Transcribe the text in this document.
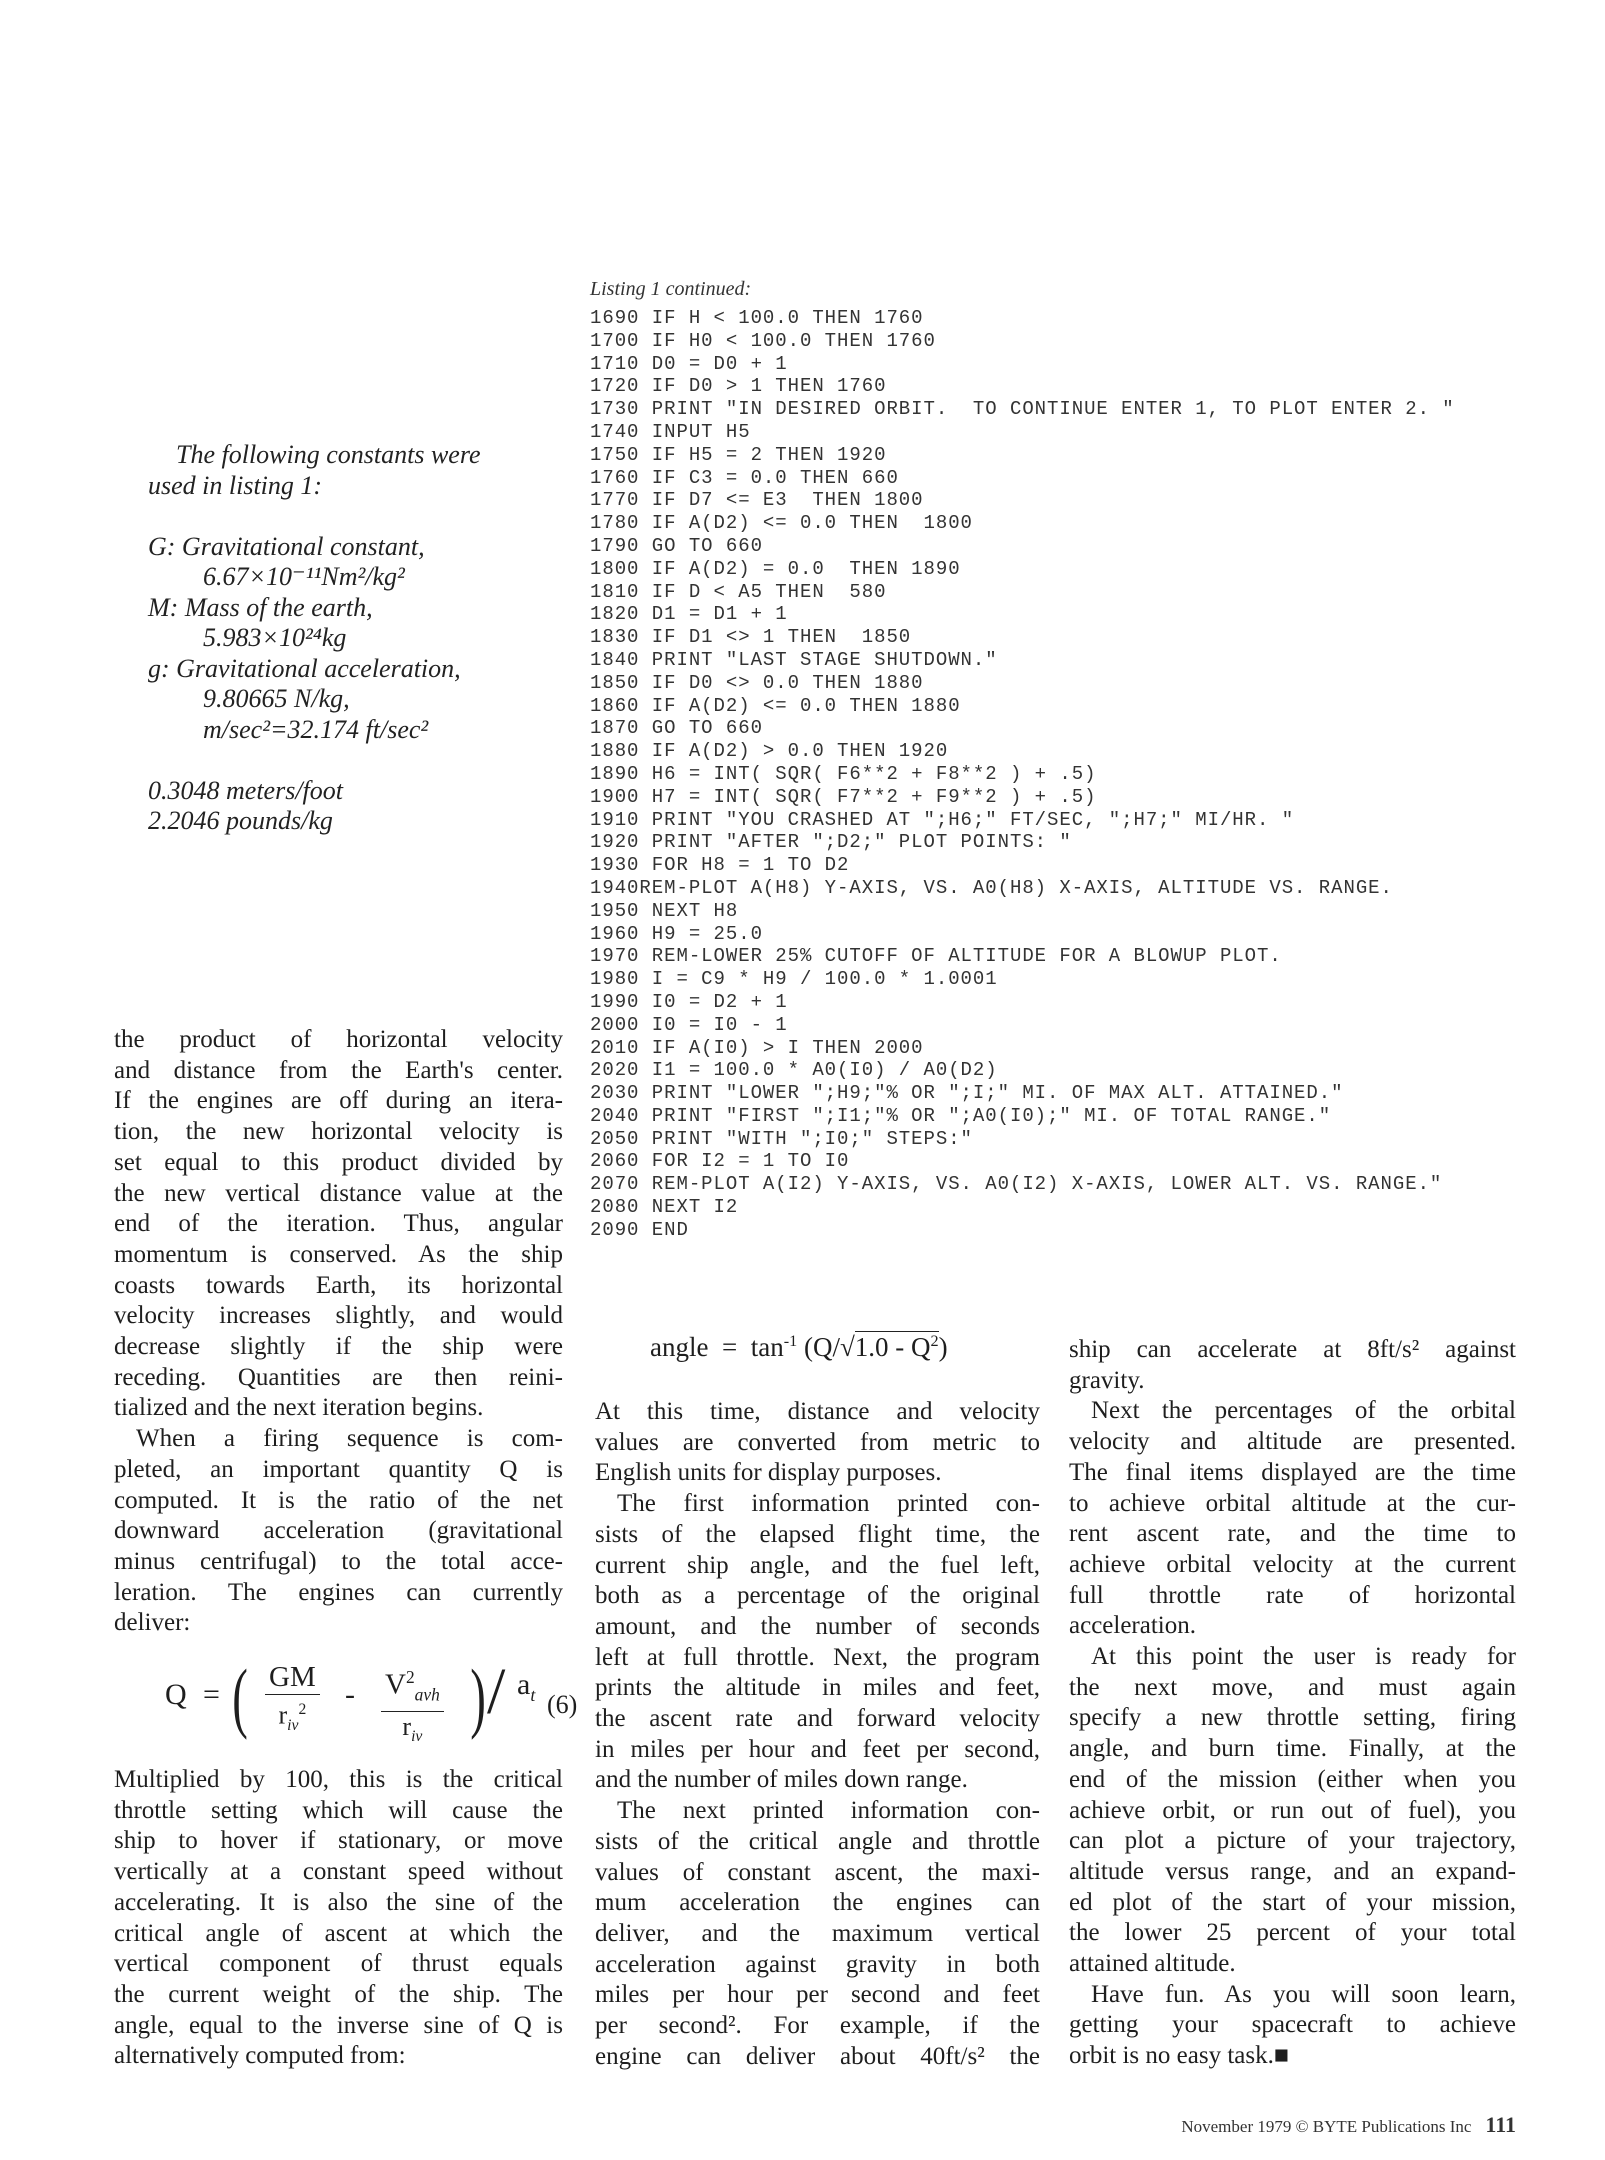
Listing 1 continued:
1690 IF H < 100.0 THEN 1760
1700 IF H0 < 100.0 THEN 1760
1710 D0 = D0 + 1
1720 IF D0 > 1 THEN 1760
1730 PRINT "IN DESIRED ORBIT.  TO CONTINUE ENTER 1, TO PLOT ENTER 2. "
1740 INPUT H5
1750 IF H5 = 2 THEN 1920
1760 IF C3 = 0.0 THEN 660
1770 IF D7 <= E3  THEN 1800
1780 IF A(D2) <= 0.0 THEN  1800
1790 GO TO 660
1800 IF A(D2) = 0.0  THEN 1890
1810 IF D < A5 THEN  580
1820 D1 = D1 + 1
1830 IF D1 <> 1 THEN  1850
1840 PRINT "LAST STAGE SHUTDOWN."
1850 IF D0 <> 0.0 THEN 1880
1860 IF A(D2) <= 0.0 THEN 1880
1870 GO TO 660
1880 IF A(D2) > 0.0 THEN 1920
1890 H6 = INT( SQR( F6**2 + F8**2 ) + .5)
1900 H7 = INT( SQR( F7**2 + F9**2 ) + .5)
1910 PRINT "YOU CRASHED AT ";H6;" FT/SEC, ";H7;" MI/HR. "
1920 PRINT "AFTER ";D2;" PLOT POINTS: "
1930 FOR H8 = 1 TO D2
1940REM-PLOT A(H8) Y-AXIS, VS. A0(H8) X-AXIS, ALTITUDE VS. RANGE.
1950 NEXT H8
1960 H9 = 25.0
1970 REM-LOWER 25% CUTOFF OF ALTITUDE FOR A BLOWUP PLOT.
1980 I = C9 * H9 / 100.0 * 1.0001
1990 I0 = D2 + 1
2000 I0 = I0 - 1
2010 IF A(I0) > I THEN 2000
2020 I1 = 100.0 * A0(I0) / A0(D2)
2030 PRINT "LOWER ";H9;"% OR ";I;" MI. OF MAX ALT. ATTAINED."
2040 PRINT "FIRST ";I1;"% OR ";A0(I0);" MI. OF TOTAL RANGE."
2050 PRINT "WITH ";I0;" STEPS:"
2060 FOR I2 = 1 TO I0
2070 REM-PLOT A(I2) Y-AXIS, VS. A0(I2) X-AXIS, LOWER ALT. VS. RANGE."
2080 NEXT I2
2090 END
The following constants were
used in listing 1:
G: Gravitational constant,
6.67×10⁻¹¹Nm²/kg²
M: Mass of the earth,
5.983×10²⁴kg
g: Gravitational acceleration,
9.80665 N/kg,
m/sec²=32.174 ft/sec²
0.3048 meters/foot
2.2046 pounds/kg
the product of horizontal velocity
and distance from the Earth's center.
If the engines are off during an itera-
tion, the new horizontal velocity is
set equal to this product divided by
the new vertical distance value at the
end of the iteration. Thus, angular
momentum is conserved. As the ship
coasts towards Earth, its horizontal
velocity increases slightly, and would
decrease slightly if the ship were
receding. Quantities are then reini-
tialized and the next iteration begins.
When a firing sequence is com-
pleted, an important quantity Q is
computed. It is the ratio of the net
downward acceleration (gravitational
minus centrifugal) to the total acce-
leration. The engines can currently
deliver:
Q = ( GM
$r_{iv}^2$	- $V^2_{avh}$
$r_{iv}$ ) / $a_t$ (6)
Multiplied by 100, this is the critical
throttle setting which will cause the
ship to hover if stationary, or move
vertically at a constant speed without
accelerating. It is also the sine of the
critical angle of ascent at which the
vertical component of thrust equals
the current weight of the ship. The
angle, equal to the inverse sine of Q is
alternatively computed from:
angle = $\tan^{-1} (Q/√1.0 - Q^2)$
At this time, distance and velocity
values are converted from metric to
English units for display purposes.
The first information printed con-
sists of the elapsed flight time, the
current ship angle, and the fuel left,
both as a percentage of the original
amount, and the number of seconds
left at full throttle. Next, the program
prints the altitude in miles and feet,
the ascent rate and forward velocity
in miles per hour and feet per second,
and the number of miles down range.
The next printed information con-
sists of the critical angle and throttle
values of constant ascent, the maxi-
mum acceleration the engines can
deliver, and the maximum vertical
acceleration against gravity in both
miles per hour per second and feet
per second². For example, if the
engine can deliver about 40ft/s² the
ship can accelerate at 8ft/s² against
gravity.
Next the percentages of the orbital
velocity and altitude are presented.
The final items displayed are the time
to achieve orbital altitude at the cur-
rent ascent rate, and the time to
achieve orbital velocity at the current
full throttle rate of horizontal
acceleration.
At this point the user is ready for
the next move, and must again
specify a new throttle setting, firing
angle, and burn time. Finally, at the
end of the mission (either when you
achieve orbit, or run out of fuel), you
can plot a picture of your trajectory,
altitude versus range, and an expand-
ed plot of the start of your mission,
the lower 25 percent of your total
attained altitude.
Have fun. As you will soon learn,
getting your spacecraft to achieve
orbit is no easy task.■
November 1979 © BYTE Publications Inc 111
